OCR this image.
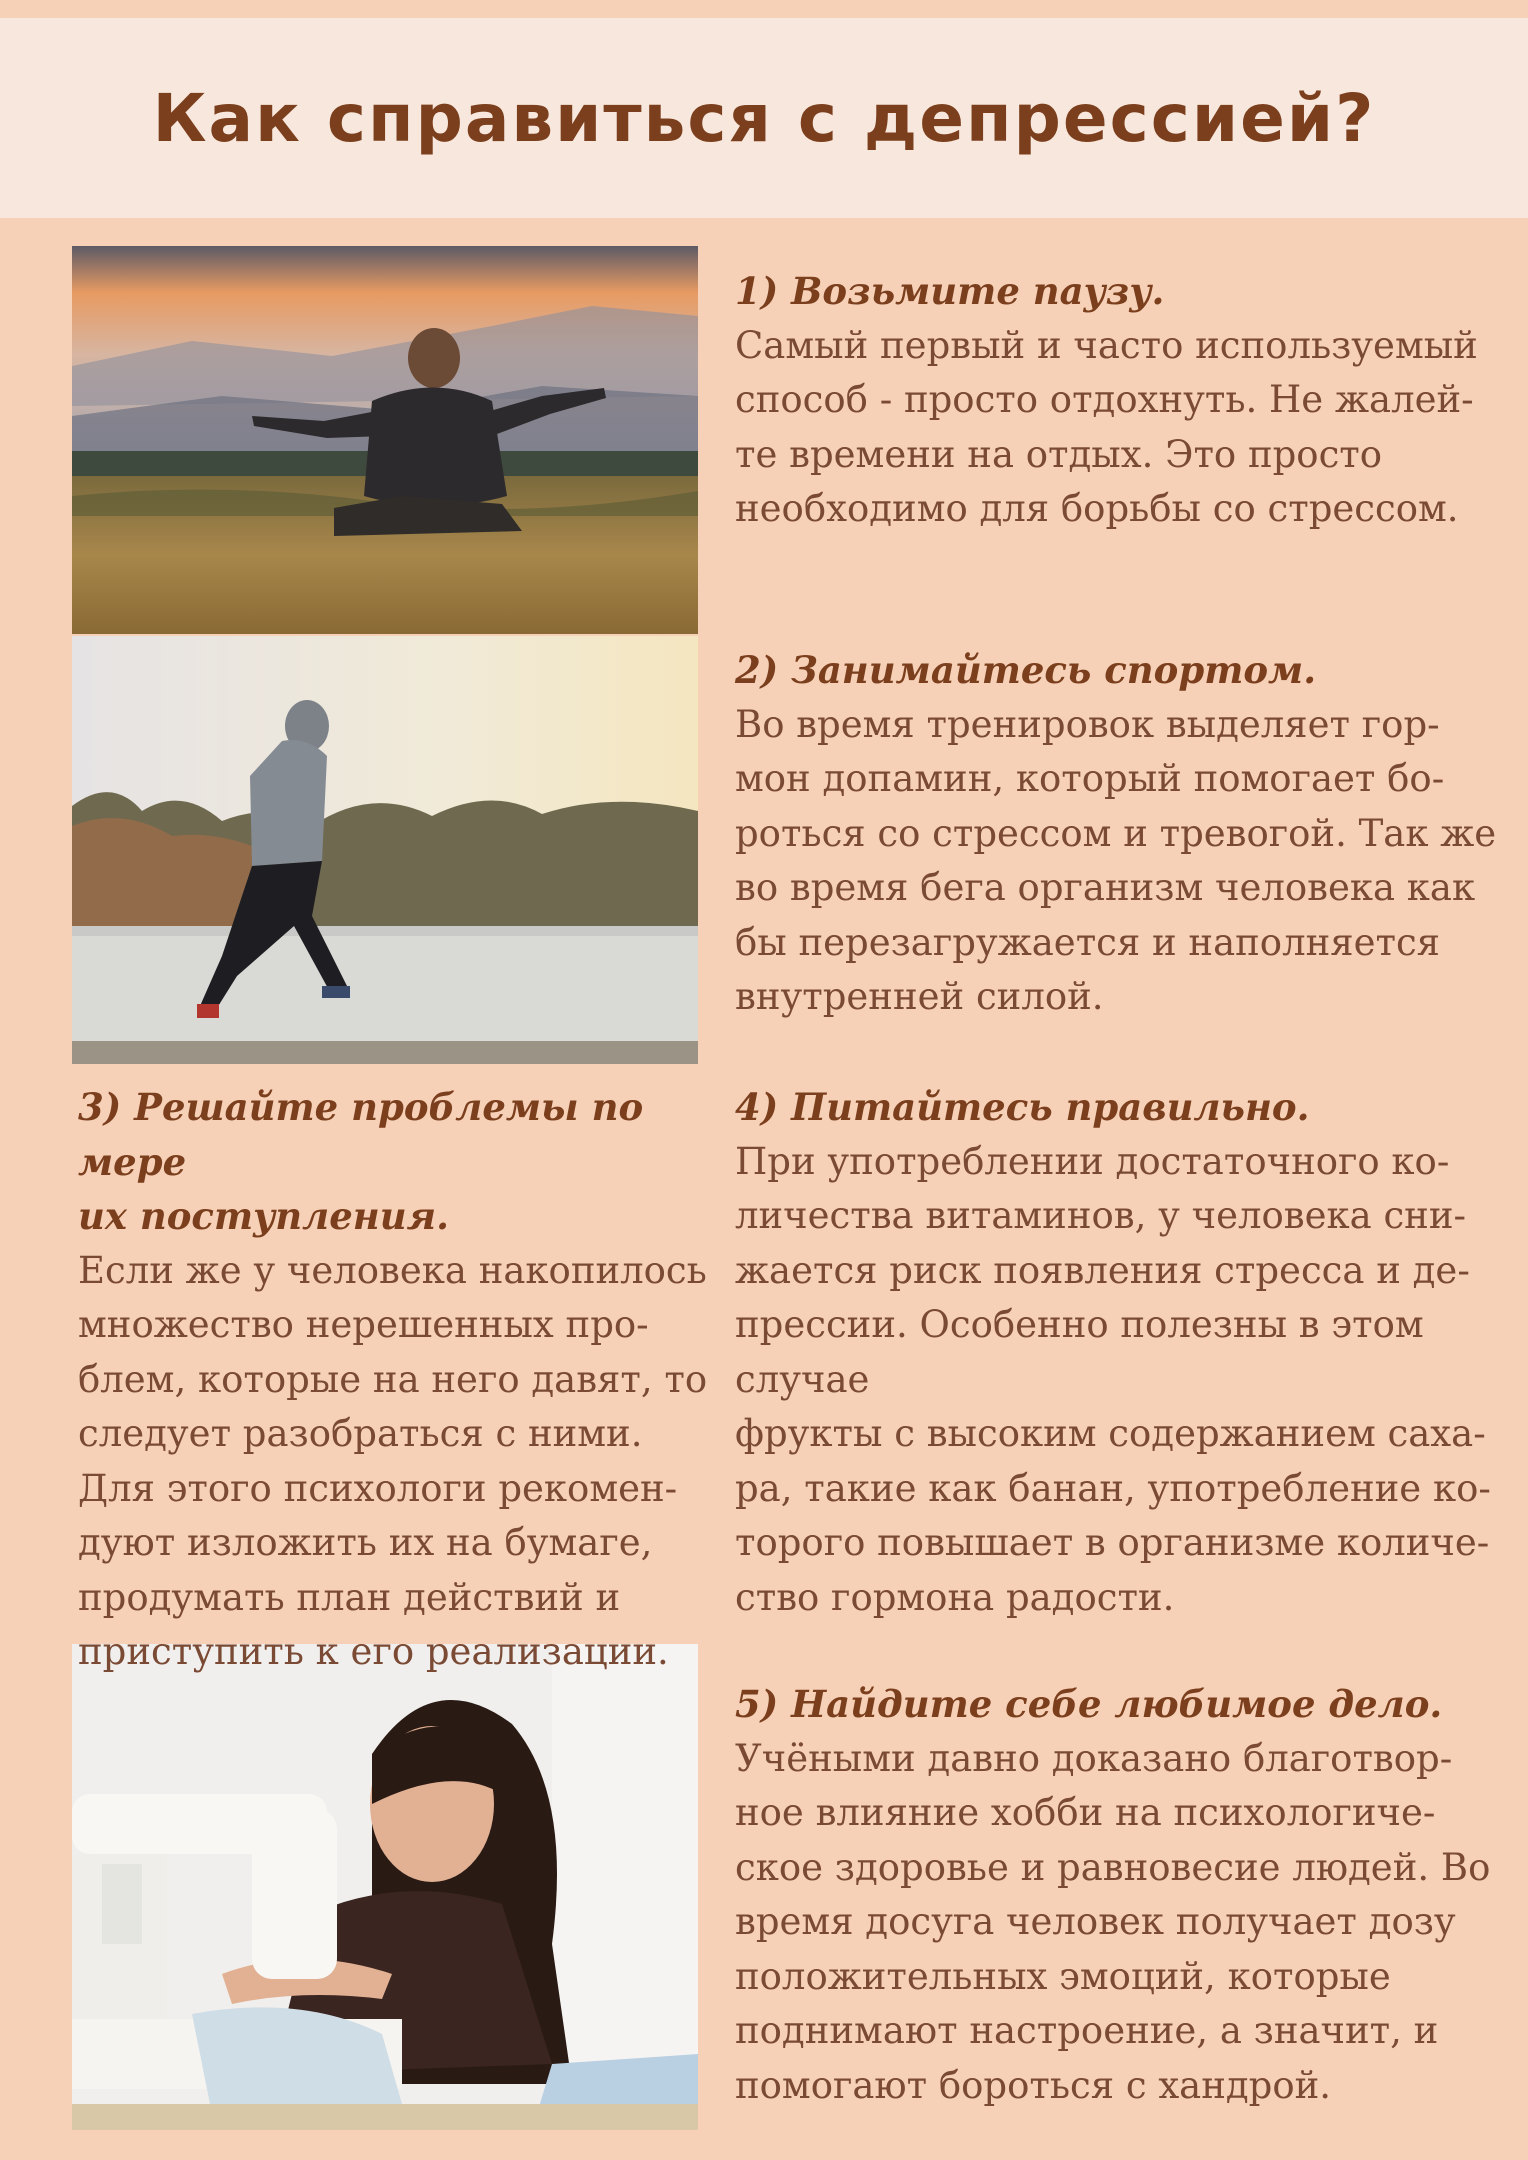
Как справиться с депрессией?
1) Возьмите паузу.
Самый первый и часто используемый
способ - просто отдохнуть. Не жалей-
те времени на отдых. Это просто
необходимо для борьбы со стрессом.
2) Занимайтесь спортом.
Во время тренировок выделяет гор-
мон допамин, который помогает бо-
роться со стрессом и тревогой. Так же
во время бега организм человека как
бы перезагружается и наполняется
внутренней силой.
3) Решайте проблемы по мере
их поступления.
Если же у человека накопилось
множество нерешенных про-
блем, которые на него давят, то
следует разобраться с ними.
Для этого психологи рекомен-
дуют изложить их на бумаге,
продумать план действий и
приступить к его реализации.
4) Питайтесь правильно.
При употреблении достаточного ко-
личества витаминов, у человека сни-
жается риск появления стресса и де-
прессии. Особенно полезны в этом
случае
фрукты с высоким содержанием саха-
ра, такие как банан, употребление ко-
торого повышает в организме количе-
ство гормона радости.
5) Найдите себе любимое дело.
Учёными давно доказано благотвор-
ное влияние хобби на психологиче-
ское здоровье и равновесие людей. Во
время досуга человек получает дозу
положительных эмоций, которые
поднимают настроение, а значит, и
помогают бороться с хандрой.
